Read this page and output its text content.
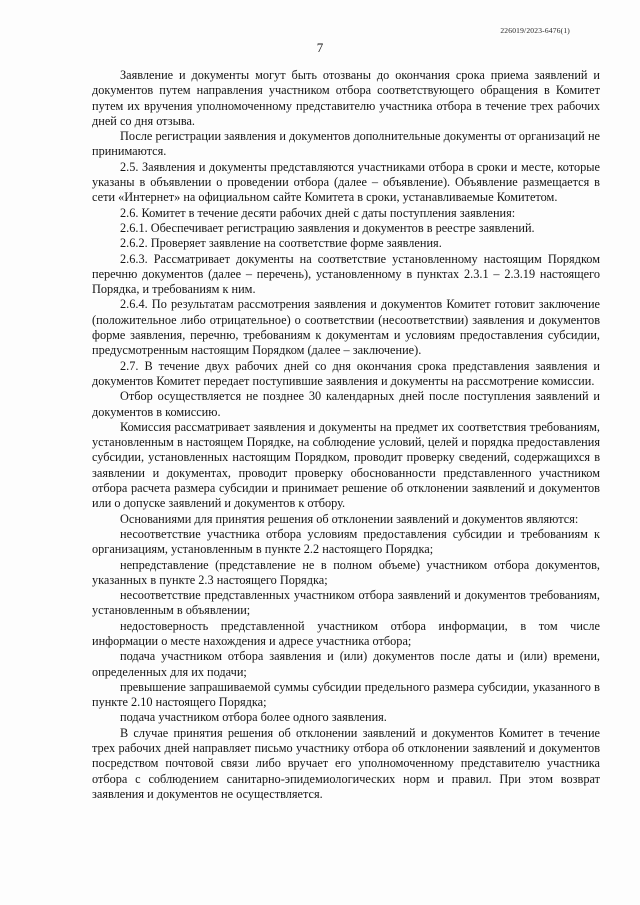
226019/2023-6476(1)
7

Заявление и документы могут быть отозваны до окончания срока приема заявлений и документов путем направления участником отбора соответствующего обращения в Комитет путем их вручения уполномоченному представителю участника отбора в течение трех рабочих дней со дня отзыва.

После регистрации заявления и документов дополнительные документы от организаций не принимаются.

2.5. Заявления и документы представляются участниками отбора в сроки и месте, которые указаны в объявлении о проведении отбора (далее – объявление). Объявление размещается в сети «Интернет» на официальном сайте Комитета в сроки, устанавливаемые Комитетом.

2.6. Комитет в течение десяти рабочих дней с даты поступления заявления:

2.6.1. Обеспечивает регистрацию заявления и документов в реестре заявлений.

2.6.2. Проверяет заявление на соответствие форме заявления.

2.6.3. Рассматривает документы на соответствие установленному настоящим Порядком перечню документов (далее – перечень), установленному в пунктах 2.3.1 – 2.3.19 настоящего Порядка, и требованиям к ним.

2.6.4. По результатам рассмотрения заявления и документов Комитет готовит заключение (положительное либо отрицательное) о соответствии (несоответствии) заявления и документов форме заявления, перечню, требованиям к документам и условиям предоставления субсидии, предусмотренным настоящим Порядком (далее – заключение).

2.7. В течение двух рабочих дней со дня окончания срока представления заявления и документов Комитет передает поступившие заявления и документы на рассмотрение комиссии.

Отбор осуществляется не позднее 30 календарных дней после поступления заявлений и документов в комиссию.

Комиссия рассматривает заявления и документы на предмет их соответствия требованиям, установленным в настоящем Порядке, на соблюдение условий, целей и порядка предоставления субсидии, установленных настоящим Порядком, проводит проверку сведений, содержащихся в заявлении и документах, проводит проверку обоснованности представленного участником отбора расчета размера субсидии и принимает решение об отклонении заявлений и документов или о допуске заявлений и документов к отбору.

Основаниями для принятия решения об отклонении заявлений и документов являются:

несоответствие участника отбора условиям предоставления субсидии и требованиям к организациям, установленным в пункте 2.2 настоящего Порядка;

непредставление (представление не в полном объеме) участником отбора документов, указанных в пункте 2.3 настоящего Порядка;

несоответствие представленных участником отбора заявлений и документов требованиям, установленным в объявлении;

недостоверность представленной участником отбора информации, в том числе информации о месте нахождения и адресе участника отбора;

подача участником отбора заявления и (или) документов после даты и (или) времени, определенных для их подачи;

превышение запрашиваемой суммы субсидии предельного размера субсидии, указанного в пункте 2.10 настоящего Порядка;

подача участником отбора более одного заявления.

В случае принятия решения об отклонении заявлений и документов Комитет в течение трех рабочих дней направляет письмо участнику отбора об отклонении заявлений и документов посредством почтовой связи либо вручает его уполномоченному представителю участника отбора с соблюдением санитарно-эпидемиологических норм и правил. При этом возврат заявления и документов не осуществляется.
